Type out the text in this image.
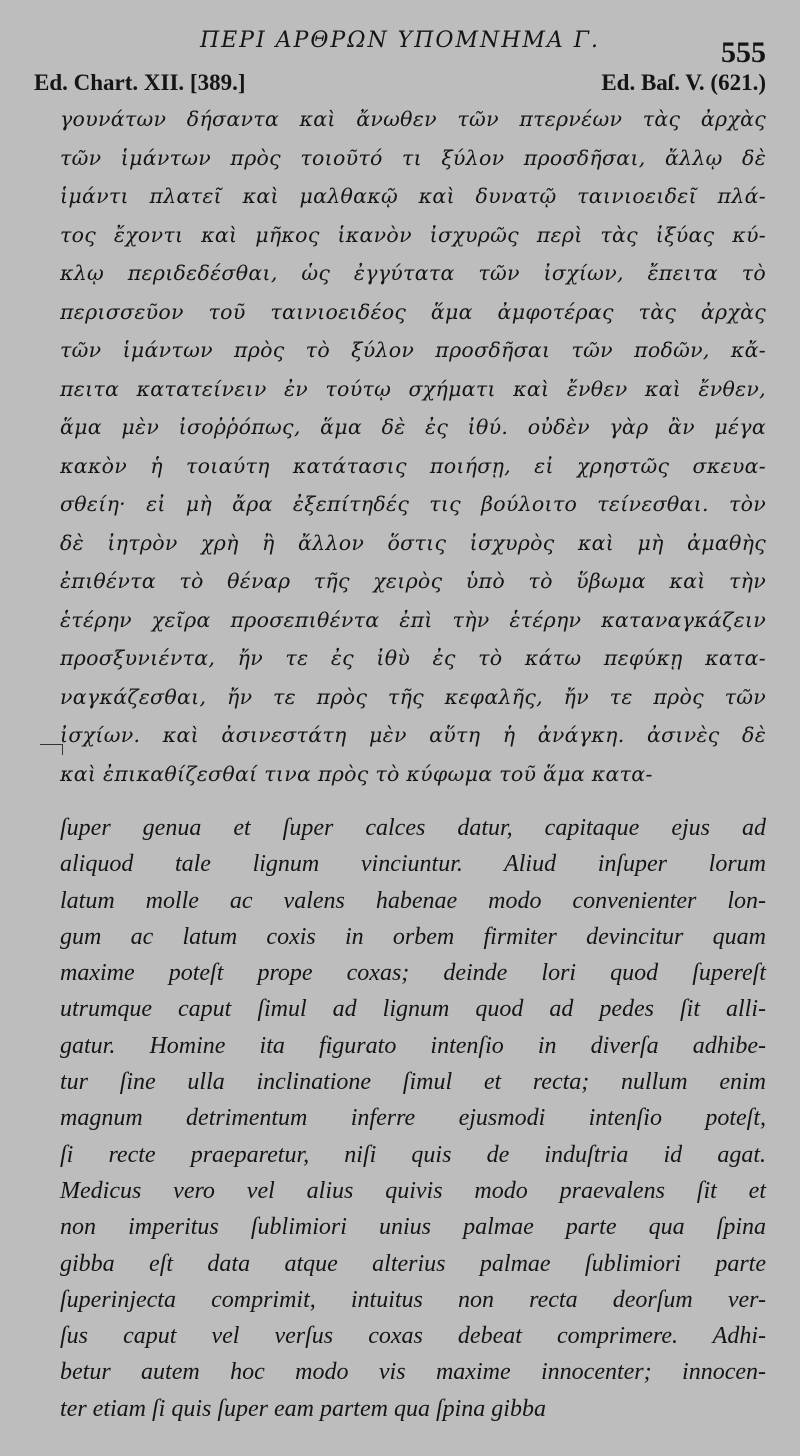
ΠΕΡΙ ΑΡΘΡΩΝ ΥΠΟΜΝΗΜΑ Γ.	555
Ed. Chart. XII. [389.]	Ed. Baſ. V. (621.)
γουνάτων δήσαντα καὶ ἄνωθεν τῶν πτερνέων τὰς ἀρχὰς
τῶν ἱμάντων πρὸς τοιοῦτό τι ξύλον προσδῆσαι, ἄλλῳ δὲ
ἱμάντι πλατεῖ καὶ μαλθακῷ καὶ δυνατῷ ταινιοειδεῖ πλά-
τος ἔχοντι καὶ μῆκος ἱκανὸν ἰσχυρῶς περὶ τὰς ἰξύας κύ-
κλῳ περιδεδέσθαι, ὡς ἐγγύτατα τῶν ἰσχίων, ἔπειτα τὸ
περισσεῦον τοῦ ταινιοειδέος ἅμα ἀμφοτέρας τὰς ἀρχὰς
τῶν ἱμάντων πρὸς τὸ ξύλον προσδῆσαι τῶν ποδῶν, κἄ-
πειτα κατατείνειν ἐν τούτῳ σχήματι καὶ ἔνθεν καὶ ἔνθεν,
ἅμα μὲν ἰσοῤῥόπως, ἅμα δὲ ἐς ἰθύ. οὐδὲν γὰρ ἂν μέγα
κακὸν ἡ τοιαύτη κατάτασις ποιήσῃ, εἰ χρηστῶς σκευα-
σθείη· εἰ μὴ ἄρα ἐξεπίτηδές τις βούλοιτο τείνεσθαι. τὸν
δὲ ἰητρὸν χρὴ ἢ ἄλλον ὅστις ἰσχυρὸς καὶ μὴ ἀμαθὴς
ἐπιθέντα τὸ θέναρ τῆς χειρὸς ὑπὸ τὸ ὕβωμα καὶ τὴν
ἑτέρην χεῖρα προσεπιθέντα ἐπὶ τὴν ἑτέρην καταναγκάζειν
προσξυνιέντα, ἤν τε ἐς ἰθὺ ἐς τὸ κάτω πεφύκῃ κατα-
ναγκάζεσθαι, ἤν τε πρὸς τῆς κεφαλῆς, ἤν τε πρὸς τῶν
ἰσχίων. καὶ ἀσινεστάτη μὲν αὕτη ἡ ἀνάγκη. ἀσινὲς δὲ
καὶ ἐπικαθίζεσθαί τινα πρὸς τὸ κύφωμα τοῦ ἅμα κατα-
ſuper genua et ſuper calces datur, capitaque ejus ad
aliquod tale lignum vinciuntur. Aliud inſuper lorum
latum molle ac valens habenae modo convenienter lon-
gum ac latum coxis in orbem firmiter devincitur quam
maxime poteſt prope coxas; deinde lori quod ſupereſt
utrumque caput ſimul ad lignum quod ad pedes ſit alli-
gatur. Homine ita figurato intenſio in diverſa adhibe-
tur ſine ulla inclinatione ſimul et recta; nullum enim
magnum detrimentum inferre ejusmodi intenſio poteſt,
ſi recte praeparetur, niſi quis de induſtria id agat.
Medicus vero vel alius quivis modo praevalens ſit et
non imperitus ſublimiori unius palmae parte qua ſpina
gibba eſt data atque alterius palmae ſublimiori parte
ſuperinjecta comprimit, intuitus non recta deorſum ver-
ſus caput vel verſus coxas debeat comprimere. Adhi-
betur autem hoc modo vis maxime innocenter; innocen-
ter etiam ſi quis ſuper eam partem qua ſpina gibba
